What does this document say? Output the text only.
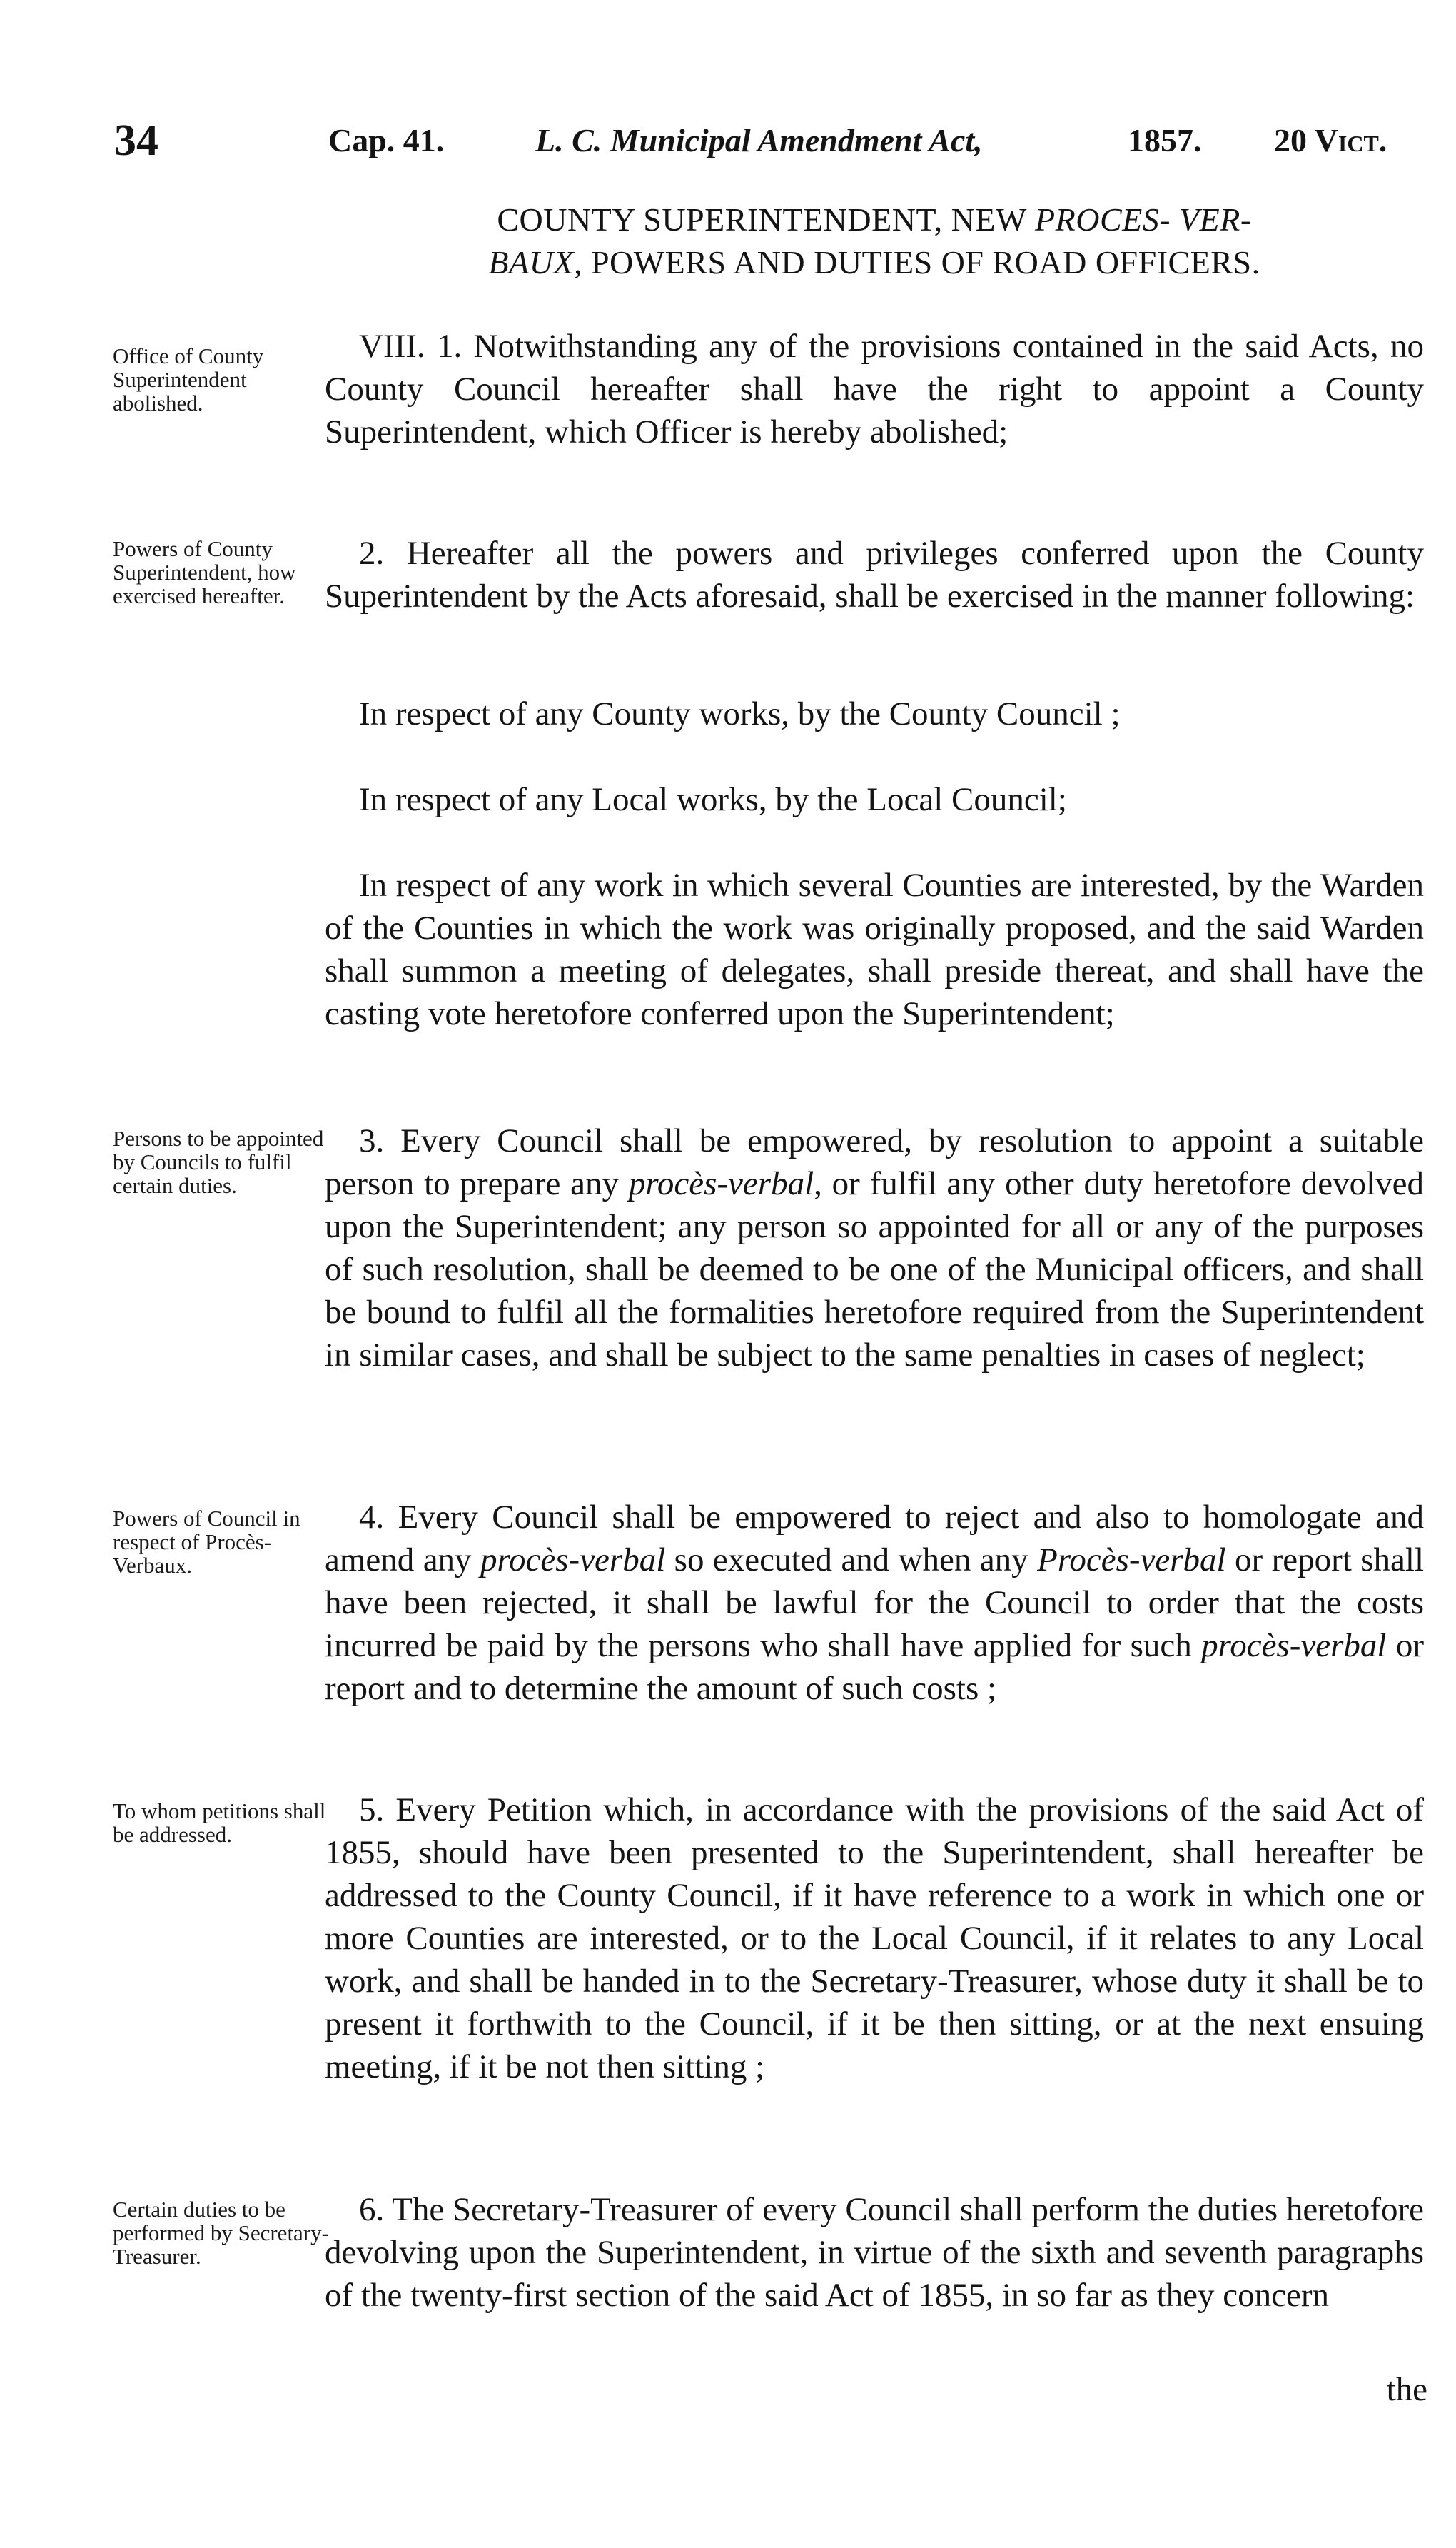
34	Cap. 41.	L. C. Municipal Amendment Act,	1857. 20 Vict.
COUNTY SUPERINTENDENT, NEW PROCES- VER-
BAUX, POWERS AND DUTIES OF ROAD OFFICERS.
Office of County Superintendent abolished.
Powers of County Superintendent, how exercised hereafter.
Persons to be appointed by Councils to fulfil certain duties.
Powers of Council in respect of Procès-Verbaux.
To whom petitions shall be addressed.
Certain duties to be performed by Secretary-Treasurer.

VIII. 1. Notwithstanding any of the provisions contained in the said Acts, no County Council hereafter shall have the right to appoint a County Superintendent, which Officer is hereby abolished;

2. Hereafter all the powers and privileges conferred upon the County Superintendent by the Acts aforesaid, shall be exercised in the manner following:

In respect of any County works, by the County Council ;

In respect of any Local works, by the Local Council;

In respect of any work in which several Counties are interested, by the Warden of the Counties in which the work was originally proposed, and the said Warden shall summon a meeting of delegates, shall preside thereat, and shall have the casting vote heretofore conferred upon the Superintendent;

3. Every Council shall be empowered, by resolution to appoint a suitable person to prepare any procès-verbal, or fulfil any other duty heretofore devolved upon the Superintendent; any person so appointed for all or any of the purposes of such resolution, shall be deemed to be one of the Municipal officers, and shall be bound to fulfil all the formalities heretofore required from the Superintendent in similar cases, and shall be subject to the same penalties in cases of neglect;

4. Every Council shall be empowered to reject and also to homologate and amend any procès-verbal so executed and when any Procès-verbal or report shall have been rejected, it shall be lawful for the Council to order that the costs incurred be paid by the persons who shall have applied for such procès-verbal or report and to determine the amount of such costs ;

5. Every Petition which, in accordance with the provisions of the said Act of 1855, should have been presented to the Superintendent, shall hereafter be addressed to the County Council, if it have reference to a work in which one or more Counties are interested, or to the Local Council, if it relates to any Local work, and shall be handed in to the Secretary-Treasurer, whose duty it shall be to present it forthwith to the Council, if it be then sitting, or at the next ensuing meeting, if it be not then sitting ;

6. The Secretary-Treasurer of every Council shall perform the duties heretofore devolving upon the Superintendent, in virtue of the sixth and seventh paragraphs of the twenty-first section of the said Act of 1855, in so far as they concern

the
